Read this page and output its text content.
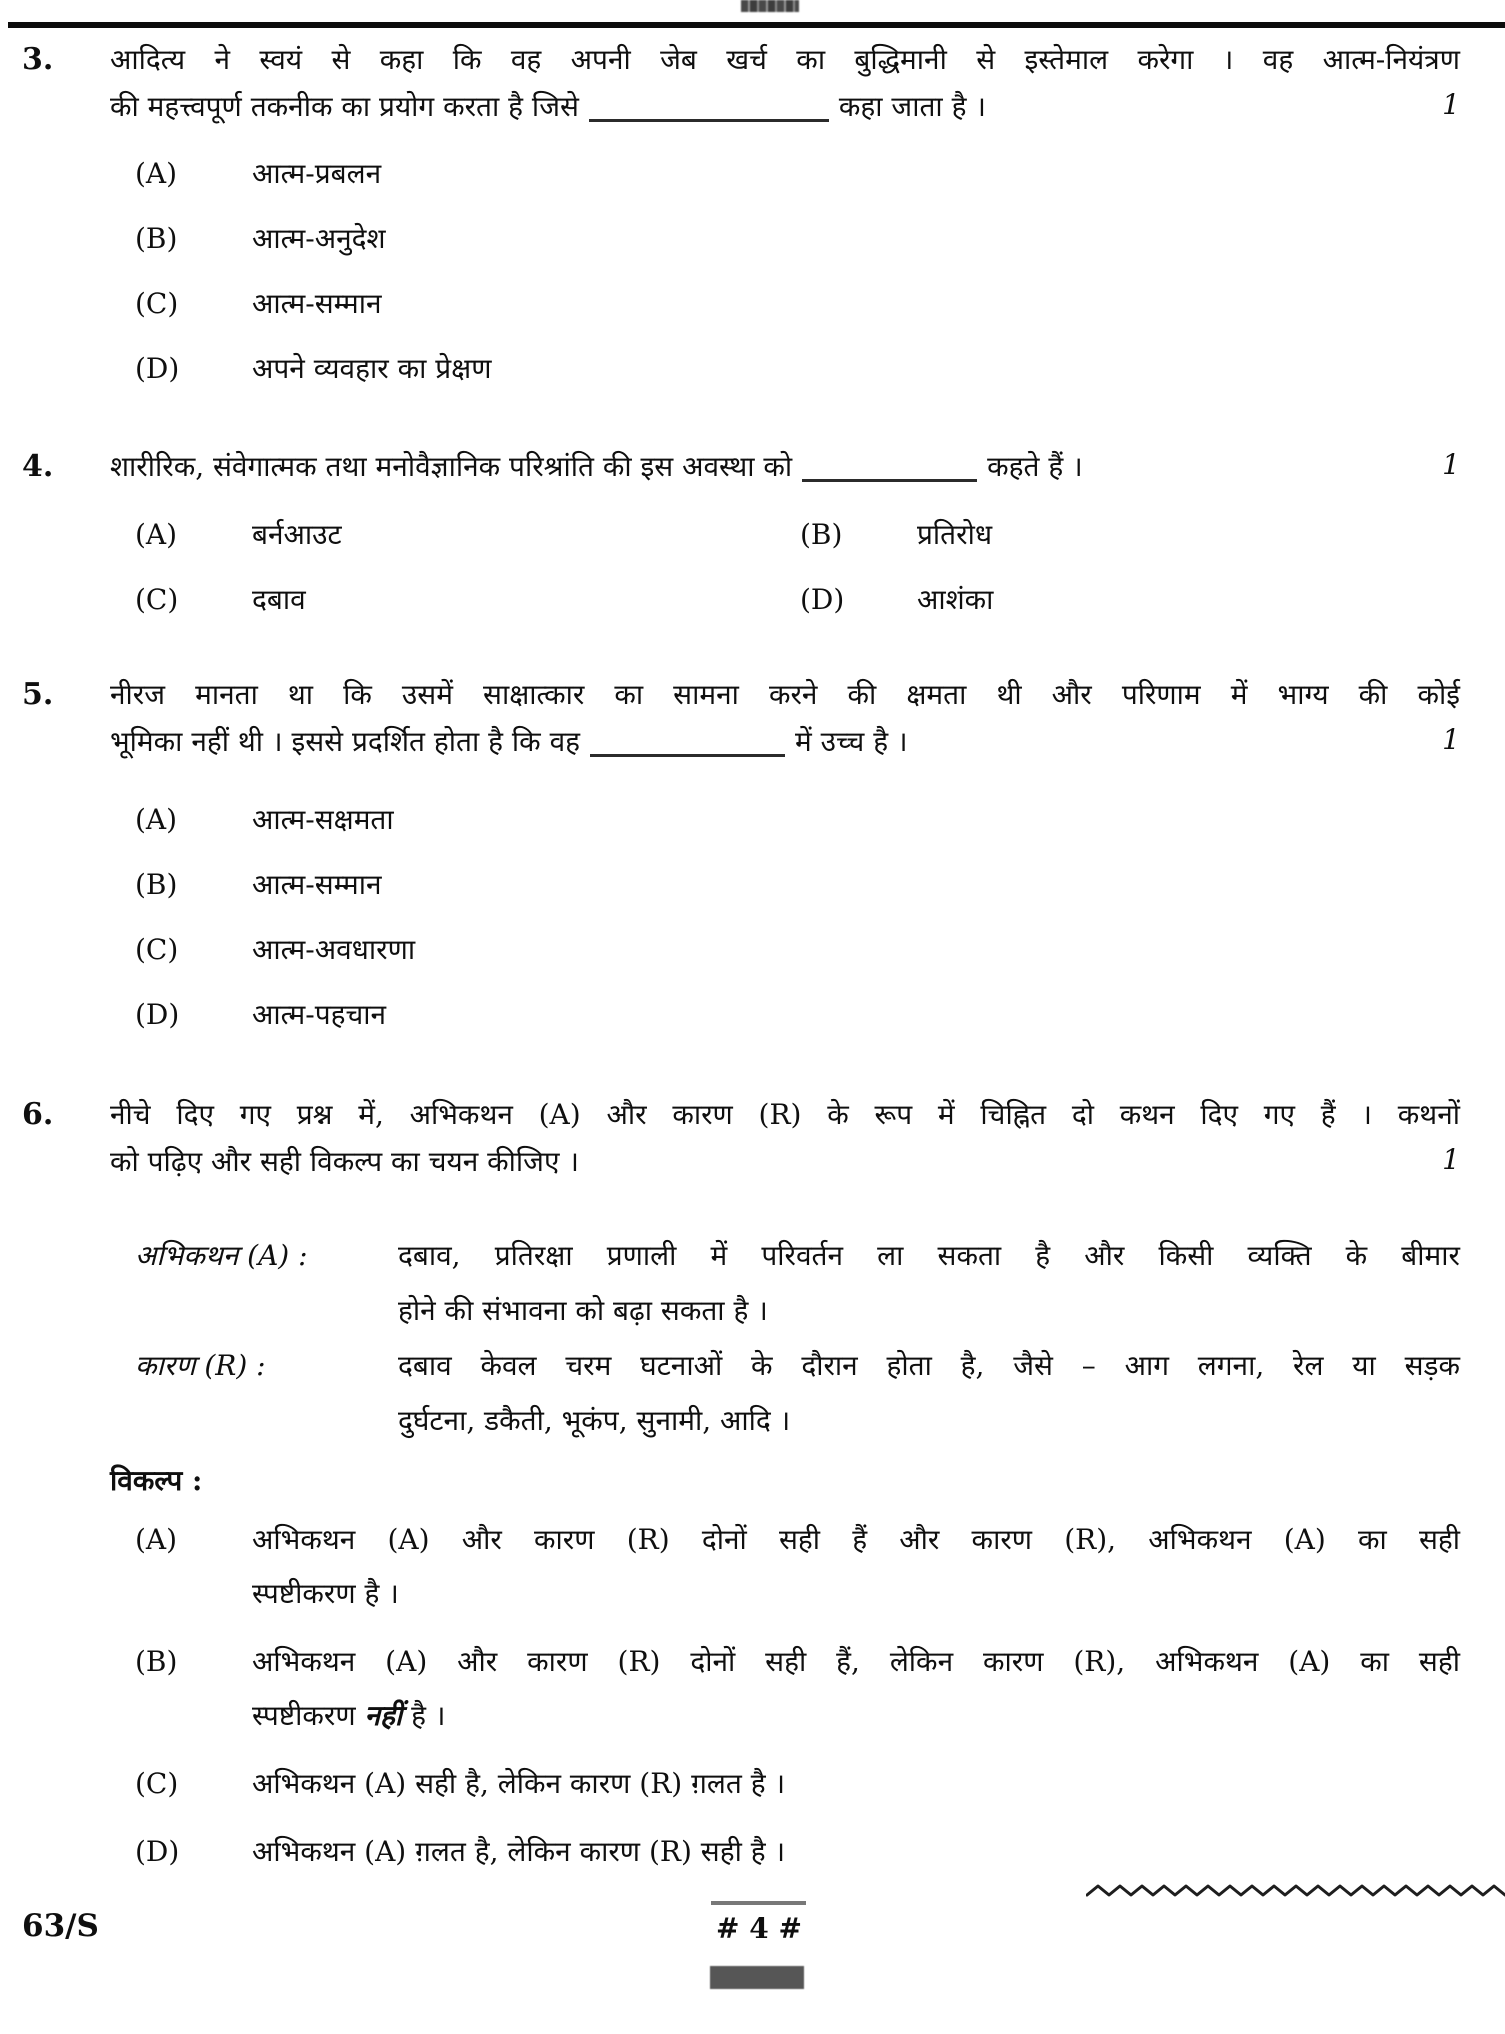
3. आदित्य ने स्वयं से कहा कि वह अपनी जेब खर्च का बुद्धिमानी से इस्तेमाल करेगा । वह आत्म-नियंत्रण
की महत्त्वपूर्ण तकनीक का प्रयोग करता है जिसे	कहा जाता है ।	1
(A)	आत्म-प्रबलन
(B)	आत्म-अनुदेश
(C)	आत्म-सम्मान
(D)	अपने व्यवहार का प्रेक्षण
4. शारीरिक, संवेगात्मक तथा मनोवैज्ञानिक परिश्रांति की इस अवस्था को	कहते हैं ।	1
(A)	बर्नआउट	(B)	प्रतिरोध
(C)	दबाव	(D)	आशंका
5. नीरज मानता था कि उसमें साक्षात्कार का सामना करने की क्षमता थी और परिणाम में भाग्य की कोई
भूमिका नहीं थी । इससे प्रदर्शित होता है कि वह	में उच्च है ।	1
(A)	आत्म-सक्षमता
(B)	आत्म-सम्मान
(C)	आत्म-अवधारणा
(D)	आत्म-पहचान
6. नीचे दिए गए प्रश्न में, अभिकथन (A) और कारण (R) के रूप में चिह्नित दो कथन दिए गए हैं । कथनों
को पढ़िए और सही विकल्प का चयन कीजिए ।	1
अभिकथन (A) :	दबाव, प्रतिरक्षा प्रणाली में परिवर्तन ला सकता है और किसी व्यक्ति के बीमार
होने की संभावना को बढ़ा सकता है ।
कारण (R) :	दबाव केवल चरम घटनाओं के दौरान होता है, जैसे – आग लगना, रेल या सड़क
दुर्घटना, डकैती, भूकंप, सुनामी, आदि ।
विकल्प :
(A)	अभिकथन (A) और कारण (R) दोनों सही हैं और कारण (R), अभिकथन (A) का सही
स्पष्टीकरण है ।
(B)	अभिकथन (A) और कारण (R) दोनों सही हैं, लेकिन कारण (R), अभिकथन (A) का सही
स्पष्टीकरण नहीं है ।
(C)	अभिकथन (A) सही है, लेकिन कारण (R) ग़लत है ।
(D)	अभिकथन (A) ग़लत है, लेकिन कारण (R) सही है ।
63/S	# 4 #
